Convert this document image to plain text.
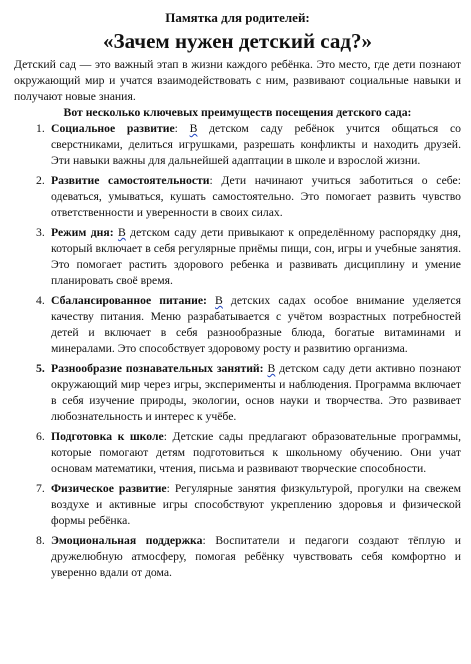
Памятка для родителей:

«Зачем нужен детский сад?»

Детский сад — это важный этап в жизни каждого ребёнка. Это место, где дети познают окружающий мир и учатся взаимодействовать с ним, развивают социальные навыки и получают новые знания.

Вот несколько ключевых преимуществ посещения детского сада:

1. Социальное развитие: В детском саду ребёнок учится общаться со сверстниками, делиться игрушками, разрешать конфликты и находить друзей. Эти навыки важны для дальнейшей адаптации в школе и взрослой жизни.
2. Развитие самостоятельности: Дети начинают учиться заботиться о себе: одеваться, умываться, кушать самостоятельно. Это помогает развить чувство ответственности и уверенности в своих силах.
3. Режим дня: В детском саду дети привыкают к определённому распорядку дня, который включает в себя регулярные приёмы пищи, сон, игры и учебные занятия. Это помогает растить здорового ребенка и развивать дисциплину и умение планировать своё время.
4. Сбалансированное питание: В детских садах особое внимание уделяется качеству питания. Меню разрабатывается с учётом возрастных потребностей детей и включает в себя разнообразные блюда, богатые витаминами и минералами. Это способствует здоровому росту и развитию организма.
5. Разнообразие познавательных занятий: В детском саду дети активно познают окружающий мир через игры, эксперименты и наблюдения. Программа включает в себя изучение природы, экологии, основ науки и творчества. Это развивает любознательность и интерес к учёбе.
6. Подготовка к школе: Детские сады предлагают образовательные программы, которые помогают детям подготовиться к школьному обучению. Они учат основам математики, чтения, письма и развивают творческие способности.
7. Физическое развитие: Регулярные занятия физкультурой, прогулки на свежем воздухе и активные игры способствуют укреплению здоровья и физической формы ребёнка.
8. Эмоциональная поддержка: Воспитатели и педагоги создают тёплую и дружелюбную атмосферу, помогая ребёнку чувствовать себя комфортно и уверенно вдали от дома.
